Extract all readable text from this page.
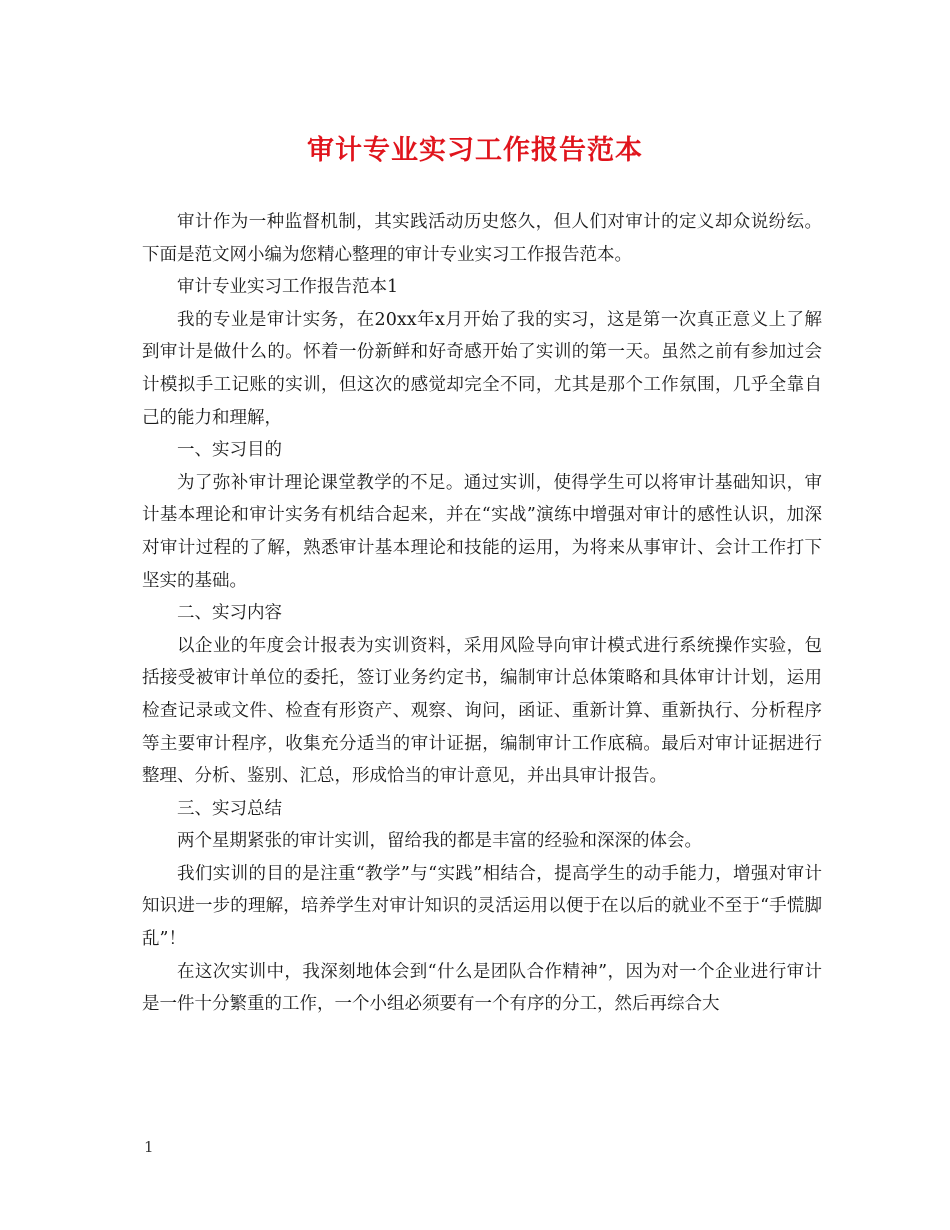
审计专业实习工作报告范本

审计作为一种监督机制，其实践活动历史悠久，但人们对审计的定义却众说纷纭。下面是范文网小编为您精心整理的审计专业实习工作报告范本。

审计专业实习工作报告范本1

我的专业是审计实务，在20xx年x月开始了我的实习，这是第一次真正意义上了解到审计是做什么的。怀着一份新鲜和好奇感开始了实训的第一天。虽然之前有参加过会计模拟手工记账的实训，但这次的感觉却完全不同，尤其是那个工作氛围，几乎全靠自己的能力和理解，

一、实习目的

为了弥补审计理论课堂教学的不足。通过实训，使得学生可以将审计基础知识，审计基本理论和审计实务有机结合起来，并在“实战”演练中增强对审计的感性认识，加深对审计过程的了解，熟悉审计基本理论和技能的运用，为将来从事审计、会计工作打下坚实的基础。

二、实习内容

以企业的年度会计报表为实训资料，采用风险导向审计模式进行系统操作实验，包括接受被审计单位的委托，签订业务约定书，编制审计总体策略和具体审计计划，运用检查记录或文件、检查有形资产、观察、询问，函证、重新计算、重新执行、分析程序等主要审计程序，收集充分适当的审计证据，编制审计工作底稿。最后对审计证据进行整理、分析、鉴别、汇总，形成恰当的审计意见，并出具审计报告。

三、实习总结

两个星期紧张的审计实训，留给我的都是丰富的经验和深深的体会。

我们实训的目的是注重“教学”与“实践”相结合，提高学生的动手能力，增强对审计知识进一步的理解，培养学生对审计知识的灵活运用以便于在以后的就业不至于“手慌脚乱”！

在这次实训中，我深刻地体会到“什么是团队合作精神”，因为对一个企业进行审计是一件十分繁重的工作，一个小组必须要有一个有序的分工，然后再综合大

1
